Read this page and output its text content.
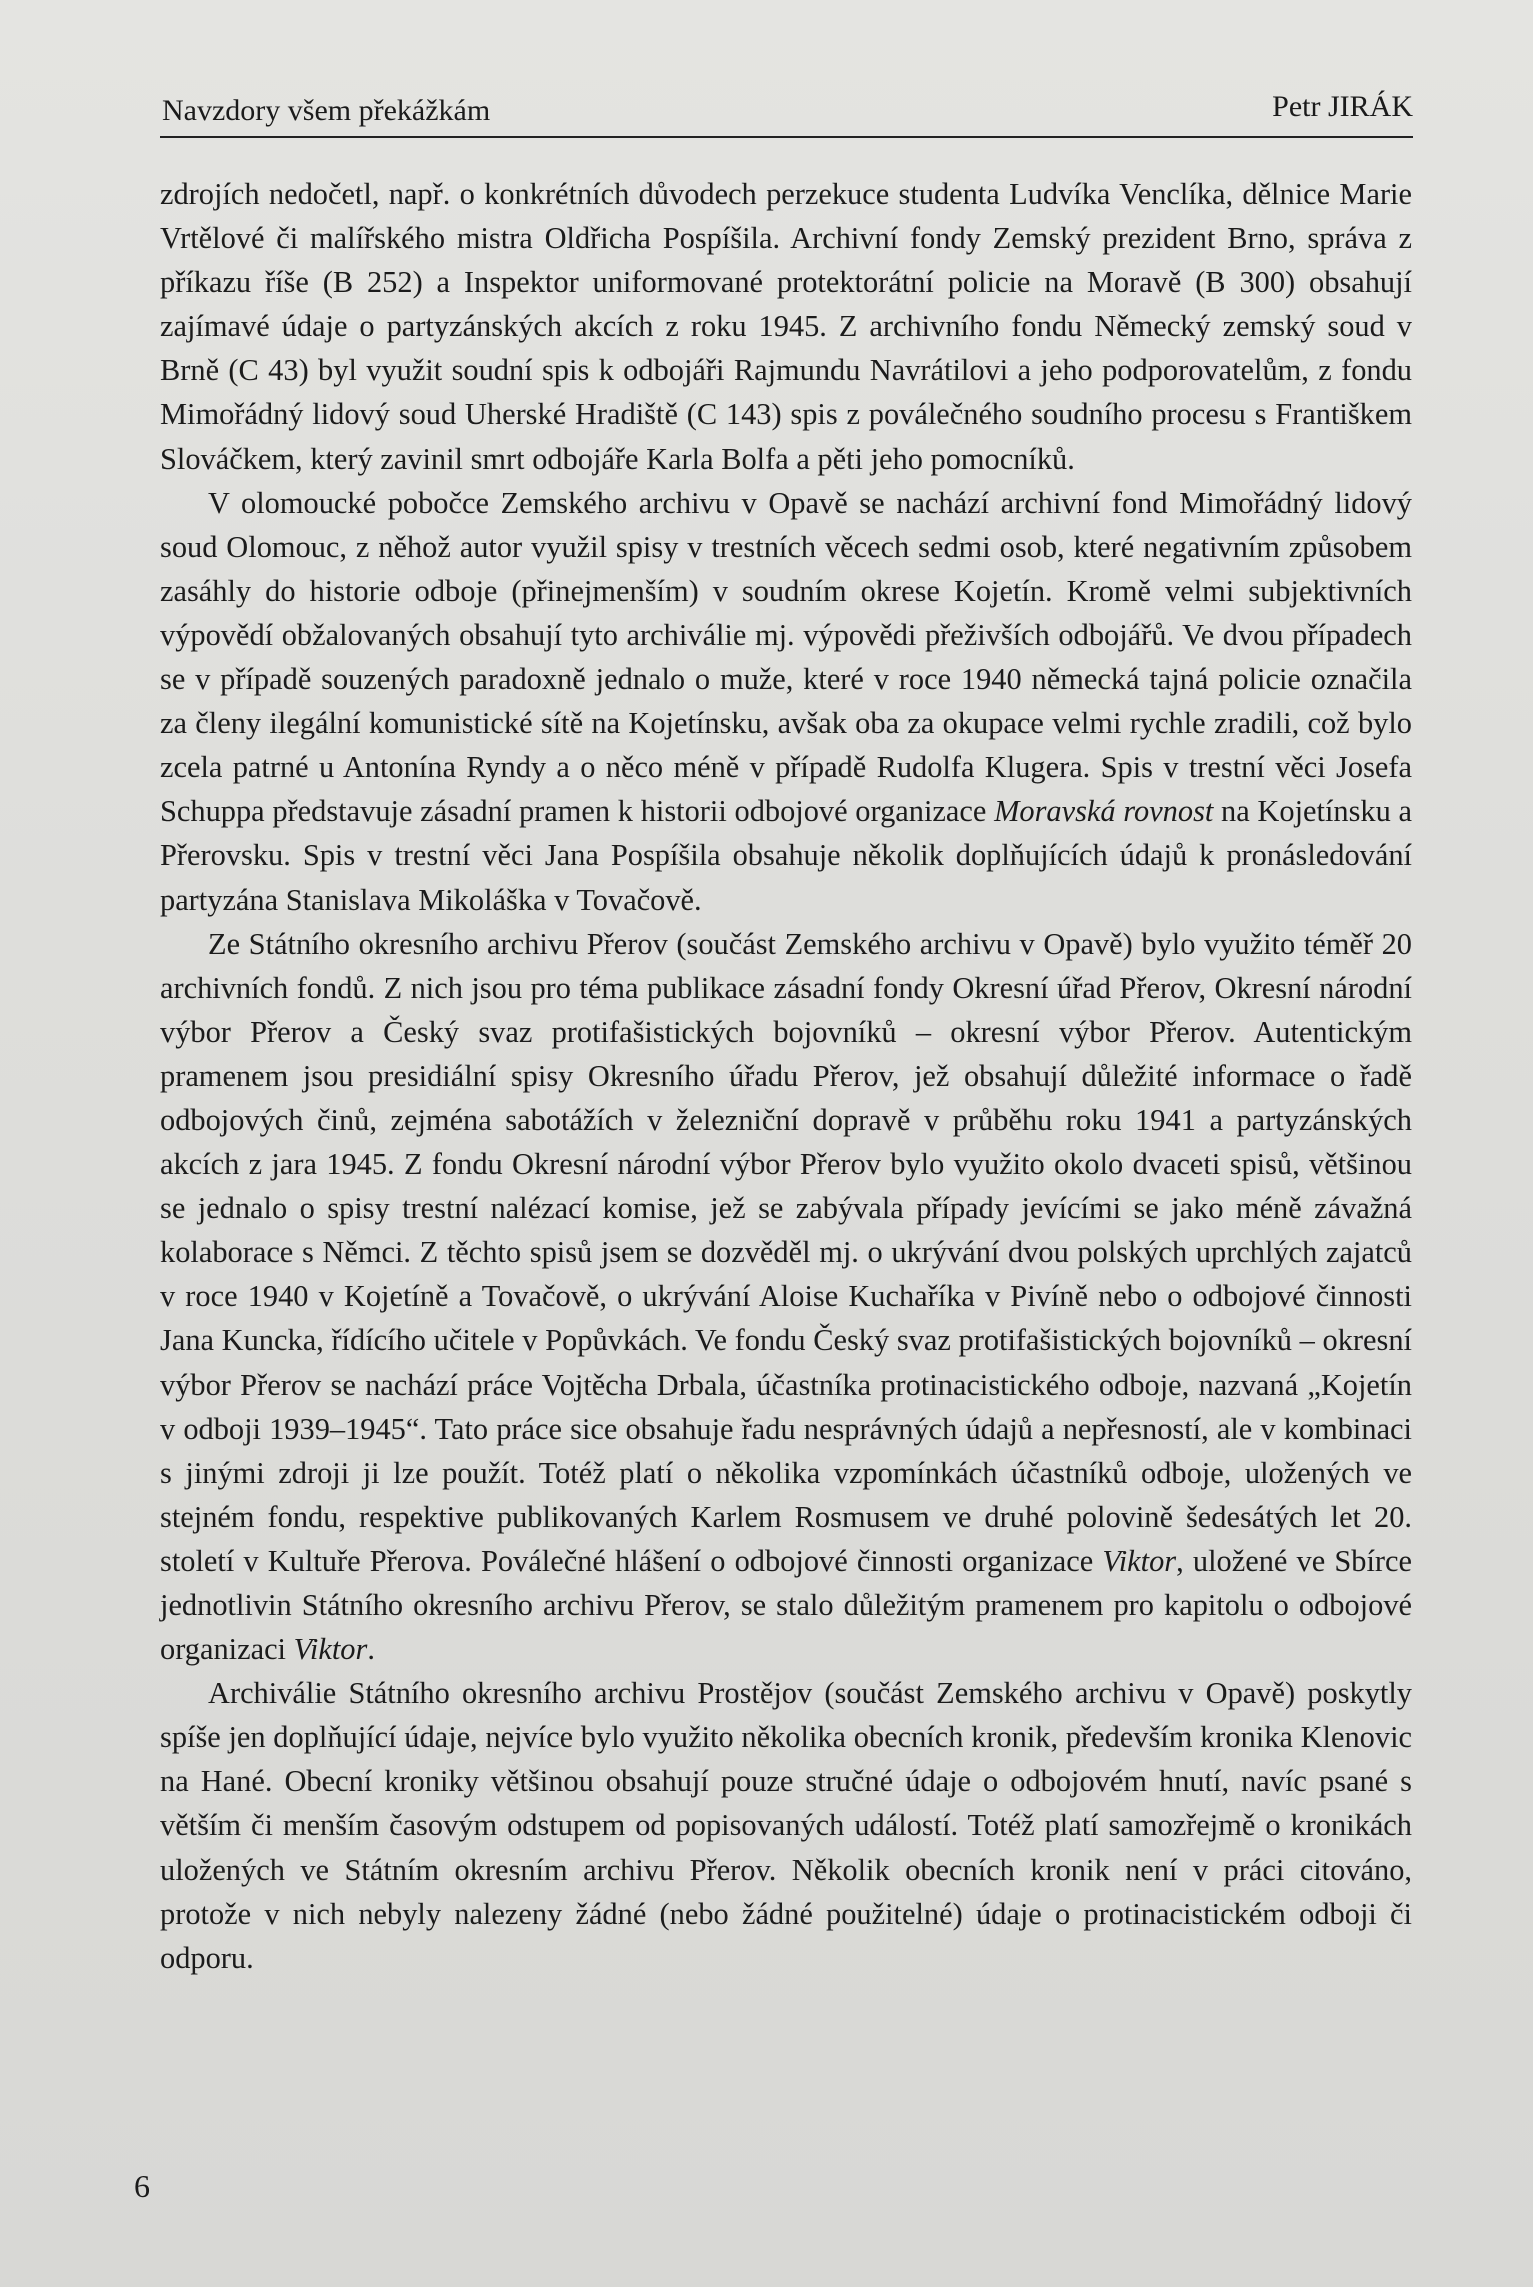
Navzdory všem překážkám	Petr JIRÁK

zdrojích nedočetl, např. o konkrétních důvodech perzekuce studenta Ludvíka Venclíka, dělnice Marie Vrtělové či malířského mistra Oldřicha Pospíšila. Archivní fondy Zemský prezident Brno, správa z příkazu říše (B 252) a Inspektor uniformované protektorátní policie na Moravě (B 300) obsahují zajímavé údaje o partyzánských akcích z roku 1945. Z archivního fondu Německý zemský soud v Brně (C 43) byl využit soudní spis k odbojáři Rajmundu Navrátilovi a jeho podporovatelům, z fondu Mimořádný lidový soud Uherské Hradiště (C 143) spis z poválečného soudního procesu s Františkem Slováčkem, který zavinil smrt odbojáře Karla Bolfa a pěti jeho pomocníků.

V olomoucké pobočce Zemského archivu v Opavě se nachází archivní fond Mimořádný lidový soud Olomouc, z něhož autor využil spisy v trestních věcech sedmi osob, které negativním způsobem zasáhly do historie odboje (přinejmenším) v soudním okrese Kojetín. Kromě velmi subjektivních výpovědí obžalovaných obsahují tyto archiválie mj. výpovědi přeživších odbojářů. Ve dvou případech se v případě souzených paradoxně jednalo o muže, které v roce 1940 německá tajná policie označila za členy ilegální komunistické sítě na Kojetínsku, avšak oba za okupace velmi rychle zradili, což bylo zcela patrné u Antonína Ryndy a o něco méně v případě Rudolfa Klugera. Spis v trestní věci Josefa Schuppa představuje zásadní pramen k historii odbojové organizace Moravská rovnost na Kojetínsku a Přerovsku. Spis v trestní věci Jana Pospíšila obsahuje několik doplňujících údajů k pronásledování partyzána Stanislava Mikoláška v Tovačově.

Ze Státního okresního archivu Přerov (součást Zemského archivu v Opavě) bylo využito téměř 20 archivních fondů. Z nich jsou pro téma publikace zásadní fondy Okresní úřad Přerov, Okresní národní výbor Přerov a Český svaz protifašistických bojovníků – okresní výbor Přerov. Autentickým pramenem jsou presidiální spisy Okresního úřadu Přerov, jež obsahují důležité informace o řadě odbojových činů, zejména sabotážích v železniční dopravě v průběhu roku 1941 a partyzánských akcích z jara 1945. Z fondu Okresní národní výbor Přerov bylo využito okolo dvaceti spisů, většinou se jednalo o spisy trestní nalézací komise, jež se zabývala případy jevícími se jako méně závažná kolaborace s Němci. Z těchto spisů jsem se dozvěděl mj. o ukrývání dvou polských uprchlých zajatců v roce 1940 v Kojetíně a Tovačově, o ukrývání Aloise Kuchaříka v Pivíně nebo o odbojové činnosti Jana Kuncka, řídícího učitele v Popůvkách. Ve fondu Český svaz protifašistických bojovníků – okresní výbor Přerov se nachází práce Vojtěcha Drbala, účastníka protinacistického odboje, nazvaná „Kojetín v odboji 1939–1945“. Tato práce sice obsahuje řadu nesprávných údajů a nepřesností, ale v kombinaci s jinými zdroji ji lze použít. Totéž platí o několika vzpomínkách účastníků odboje, uložených ve stejném fondu, respektive publikovaných Karlem Rosmusem ve druhé polovině šedesátých let 20. století v Kultuře Přerova. Poválečné hlášení o odbojové činnosti organizace Viktor, uložené ve Sbírce jednotlivin Státního okresního archivu Přerov, se stalo důležitým pramenem pro kapitolu o odbojové organizaci Viktor.

Archiválie Státního okresního archivu Prostějov (součást Zemského archivu v Opavě) poskytly spíše jen doplňující údaje, nejvíce bylo využito několika obecních kronik, především kronika Klenovic na Hané. Obecní kroniky většinou obsahují pouze stručné údaje o odbojovém hnutí, navíc psané s větším či menším časovým odstupem od popisovaných událostí. Totéž platí samozřejmě o kronikách uložených ve Státním okresním archivu Přerov. Několik obecních kronik není v práci citováno, protože v nich nebyly nalezeny žádné (nebo žádné použitelné) údaje o protinacistickém odboji či odporu.

6
